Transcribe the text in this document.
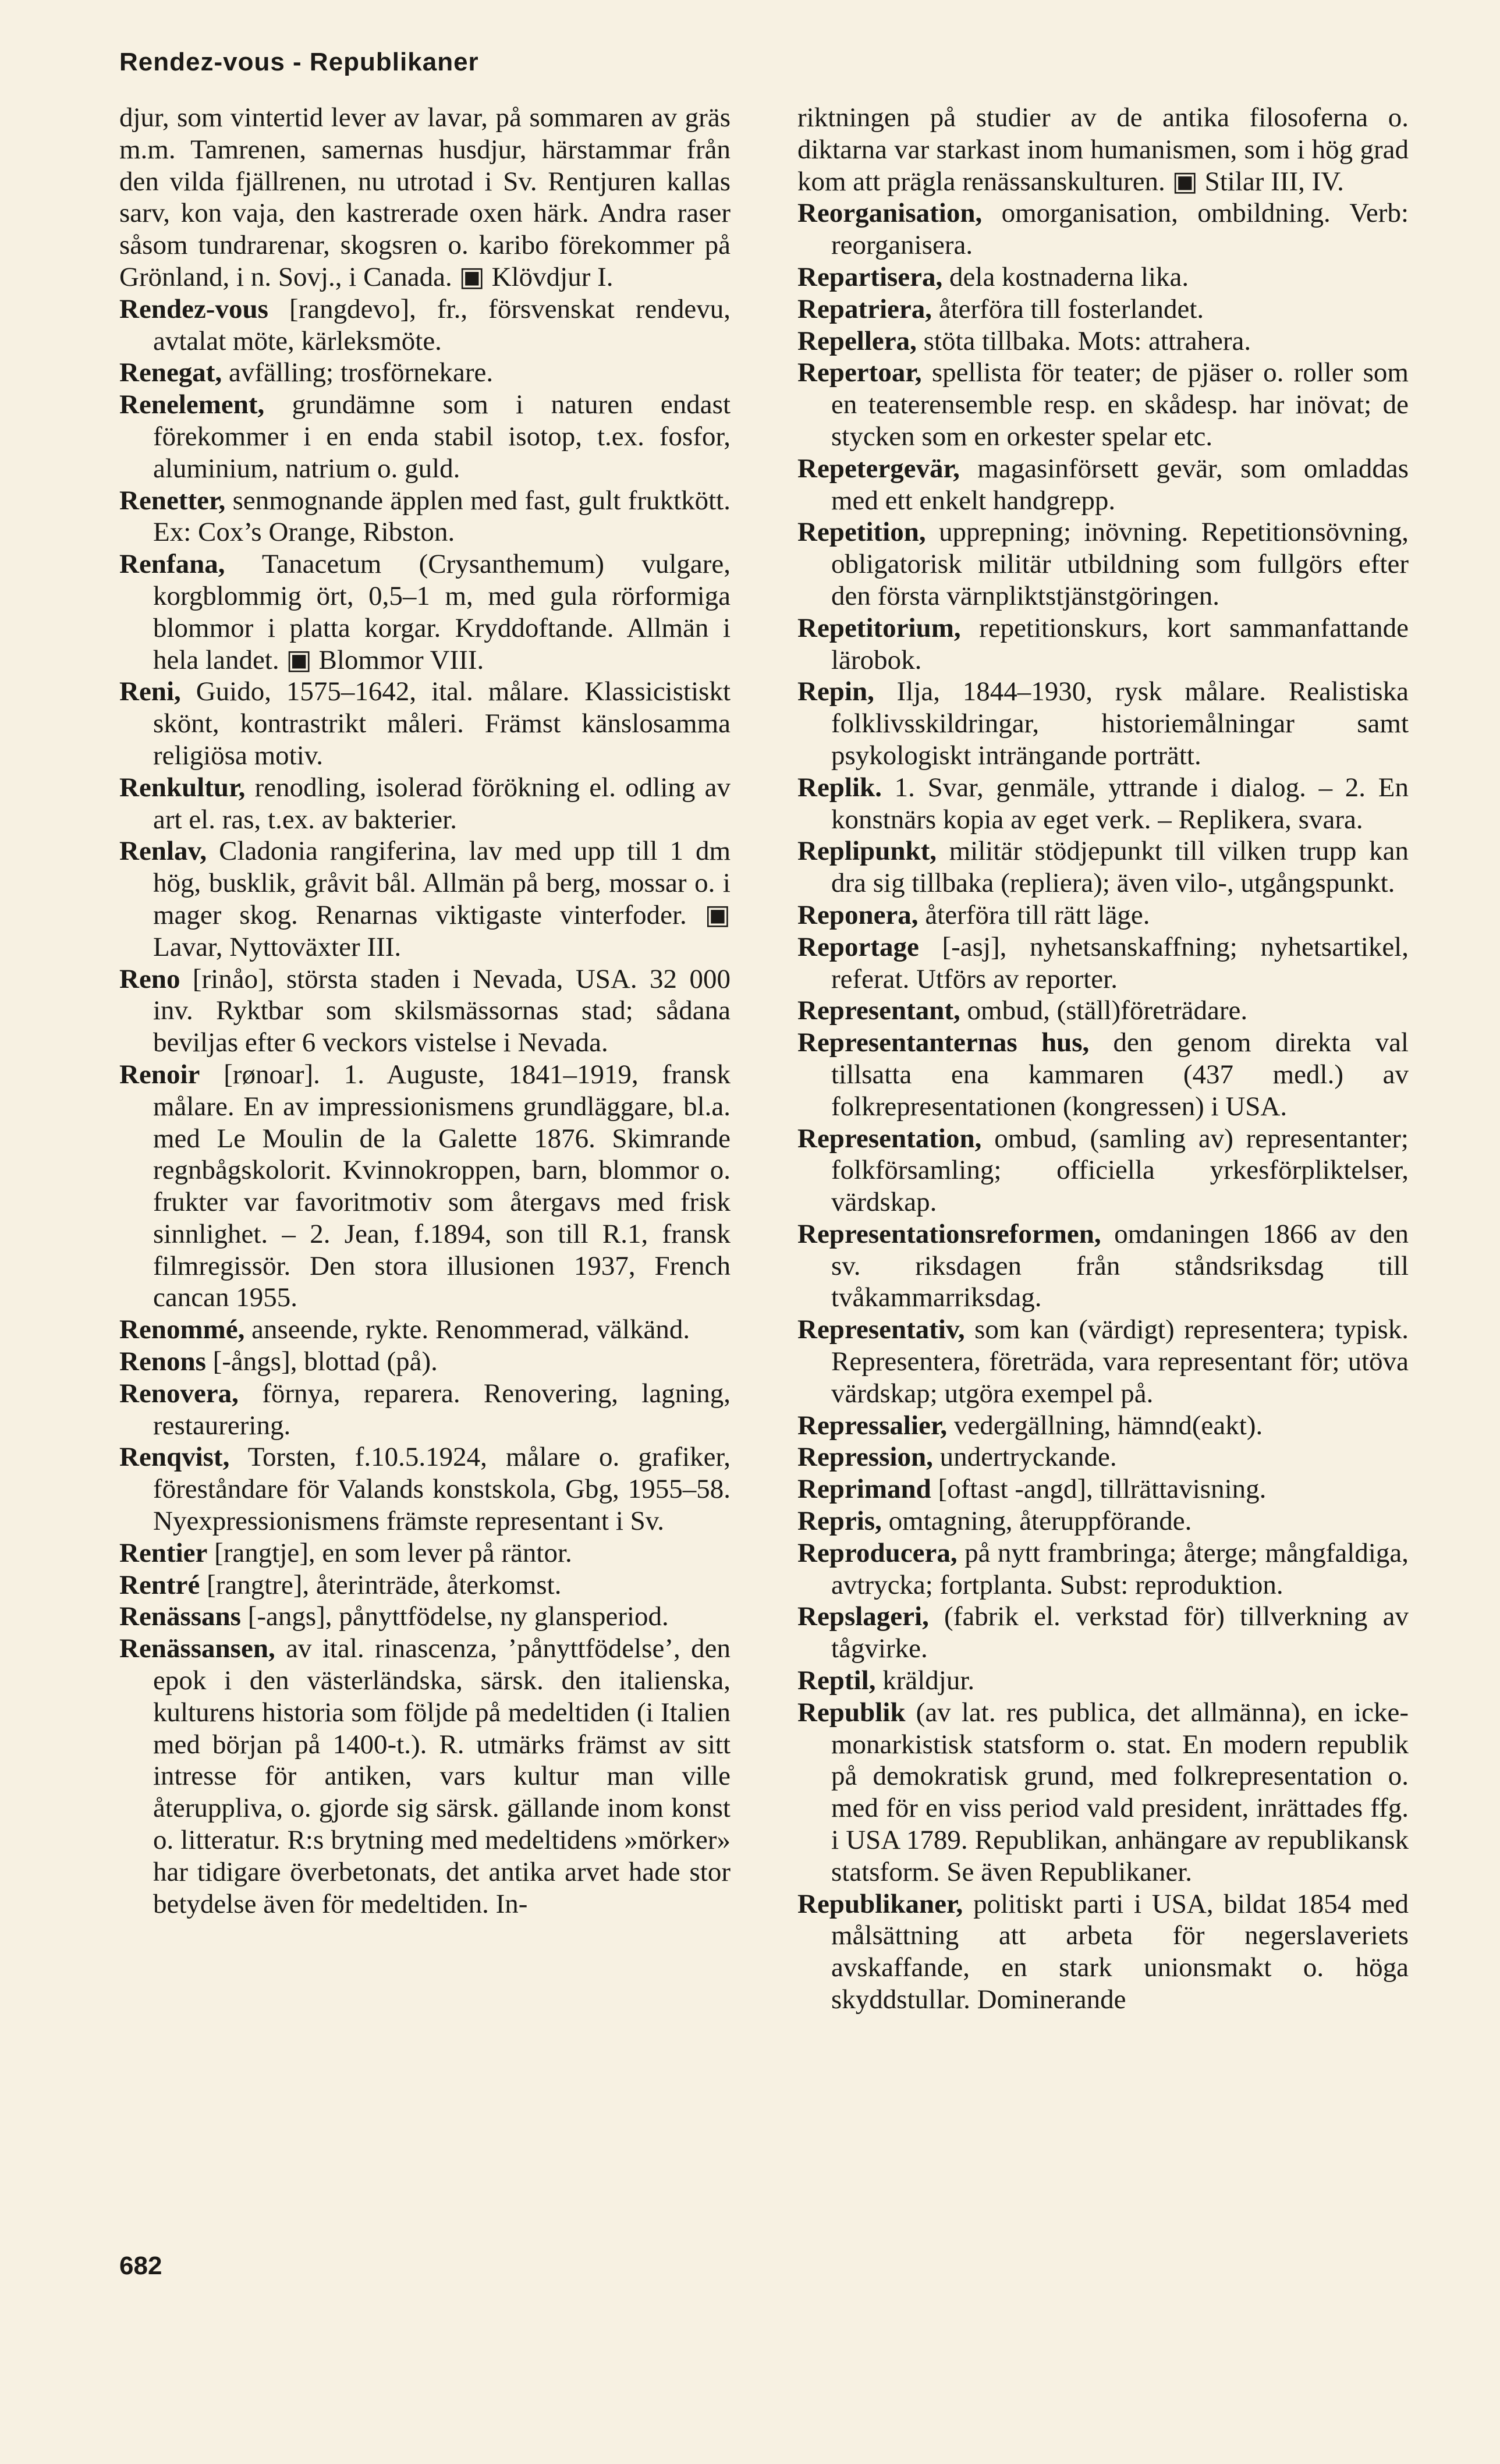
Rendez-vous - Republikaner

djur, som vintertid lever av lavar, på sommaren av gräs m.m. Tamrenen, samernas husdjur, härstammar från den vilda fjällrenen, nu utrotad i Sv. Rentjuren kallas sarv, kon vaja, den kastrerade oxen härk. Andra raser såsom tundrarenar, skogsren o. karibo förekommer på Grönland, i n. Sovj., i Canada. ▣ Klövdjur I.

Rendez-vous [rangdevo], fr., försvenskat rendevu, avtalat möte, kärleksmöte.

Renegat, avfälling; trosförnekare.

Renelement, grundämne som i naturen endast förekommer i en enda stabil isotop, t.ex. fosfor, aluminium, natrium o. guld.

Renetter, senmognande äpplen med fast, gult fruktkött. Ex: Cox’s Orange, Ribston.

Renfana, Tanacetum (Crysanthemum) vulgare, korgblommig ört, 0,5–1 m, med gula rörformiga blommor i platta korgar. Kryddoftande. Allmän i hela landet. ▣ Blommor VIII.

Reni, Guido, 1575–1642, ital. målare. Klassicistiskt skönt, kontrastrikt måleri. Främst känslosamma religiösa motiv.

Renkultur, renodling, isolerad förökning el. odling av art el. ras, t.ex. av bakterier.

Renlav, Cladonia rangiferina, lav med upp till 1 dm hög, busklik, gråvit bål. Allmän på berg, mossar o. i mager skog. Renarnas viktigaste vinterfoder. ▣ Lavar, Nyttoväxter III.

Reno [rinåo], största staden i Nevada, USA. 32 000 inv. Ryktbar som skilsmässornas stad; sådana beviljas efter 6 veckors vistelse i Nevada.

Renoir [rønoar]. 1. Auguste, 1841–1919, fransk målare. En av impressionismens grundläggare, bl.a. med Le Moulin de la Galette 1876. Skimrande regnbågskolorit. Kvinnokroppen, barn, blommor o. frukter var favoritmotiv som återgavs med frisk sinnlighet. – 2. Jean, f.1894, son till R.1, fransk filmregissör. Den stora illusionen 1937, French cancan 1955.

Renommé, anseende, rykte. Renommerad, välkänd.

Renons [-ångs], blottad (på).

Renovera, förnya, reparera. Renovering, lagning, restaurering.

Renqvist, Torsten, f.10.5.1924, målare o. grafiker, föreståndare för Valands konstskola, Gbg, 1955–58. Nyexpressionismens främste representant i Sv.

Rentier [rangtje], en som lever på räntor.

Rentré [rangtre], återinträde, återkomst.

Renässans [-angs], pånyttfödelse, ny glansperiod.

Renässansen, av ital. rinascenza, ’pånyttfödelse’, den epok i den västerländska, särsk. den italienska, kulturens historia som följde på medeltiden (i Italien med början på 1400-t.). R. utmärks främst av sitt intresse för antiken, vars kultur man ville återuppliva, o. gjorde sig särsk. gällande inom konst o. litteratur. R:s brytning med medeltidens »mörker» har tidigare överbetonats, det antika arvet hade stor betydelse även för medeltiden. In-

riktningen på studier av de antika filosoferna o. diktarna var starkast inom humanismen, som i hög grad kom att prägla renässanskulturen. ▣ Stilar III, IV.

Reorganisation, omorganisation, ombildning. Verb: reorganisera.

Repartisera, dela kostnaderna lika.

Repatriera, återföra till fosterlandet.

Repellera, stöta tillbaka. Mots: attrahera.

Repertoar, spellista för teater; de pjäser o. roller som en teaterensemble resp. en skådesp. har inövat; de stycken som en orkester spelar etc.

Repetergevär, magasinförsett gevär, som omladdas med ett enkelt handgrepp.

Repetition, upprepning; inövning. Repetitionsövning, obligatorisk militär utbildning som fullgörs efter den första värnpliktstjänstgöringen.

Repetitorium, repetitionskurs, kort sammanfattande lärobok.

Repin, Ilja, 1844–1930, rysk målare. Realistiska folklivsskildringar, historiemålningar samt psykologiskt inträngande porträtt.

Replik. 1. Svar, genmäle, yttrande i dialog. – 2. En konstnärs kopia av eget verk. – Replikera, svara.

Replipunkt, militär stödjepunkt till vilken trupp kan dra sig tillbaka (repliera); även vilo-, utgångspunkt.

Reponera, återföra till rätt läge.

Reportage [-asj], nyhetsanskaffning; nyhetsartikel, referat. Utförs av reporter.

Representant, ombud, (ställ)företrädare.

Representanternas hus, den genom direkta val tillsatta ena kammaren (437 medl.) av folkrepresentationen (kongressen) i USA.

Representation, ombud, (samling av) representanter; folkförsamling; officiella yrkesförpliktelser, värdskap.

Representationsreformen, omdaningen 1866 av den sv. riksdagen från ståndsriksdag till tvåkammarriksdag.

Representativ, som kan (värdigt) representera; typisk. Representera, företräda, vara representant för; utöva värdskap; utgöra exempel på.

Repressalier, vedergällning, hämnd(eakt).

Repression, undertryckande.

Reprimand [oftast -angd], tillrättavisning.

Repris, omtagning, återuppförande.

Reproducera, på nytt frambringa; återge; mångfaldiga, avtrycka; fortplanta. Subst: reproduktion.

Repslageri, (fabrik el. verkstad för) tillverkning av tågvirke.

Reptil, kräldjur.

Republik (av lat. res publica, det allmänna), en icke-monarkistisk statsform o. stat. En modern republik på demokratisk grund, med folkrepresentation o. med för en viss period vald president, inrättades ffg. i USA 1789. Republikan, anhängare av republikansk statsform. Se även Republikaner.

Republikaner, politiskt parti i USA, bildat 1854 med målsättning att arbeta för negerslaveriets avskaffande, en stark unionsmakt o. höga skyddstullar. Dominerande

682
